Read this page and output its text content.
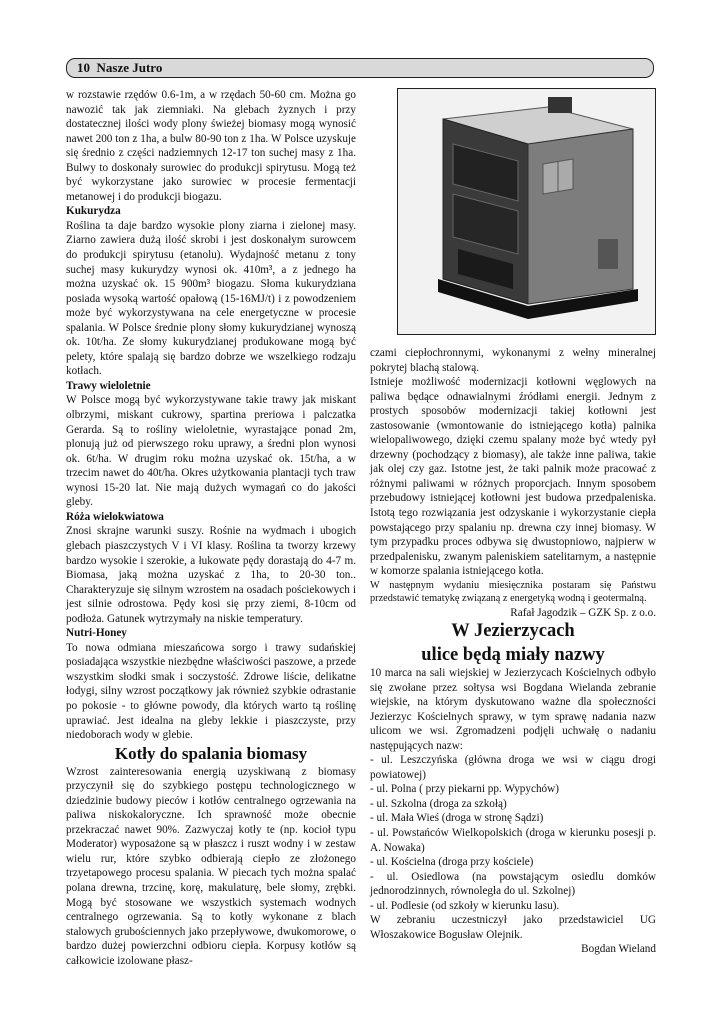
10 Nasze Jutro

w rozstawie rzędów 0.6-1m, a w rzędach 50-60 cm. Można go nawozić tak jak ziemniaki. Na glebach żyznych i przy dostatecznej ilości wody plony świeżej biomasy mogą wynosić nawet 200 ton z 1ha, a bulw 80-90 ton z 1ha. W Polsce uzyskuje się średnio z części nadziemnych 12-17 ton suchej masy z 1ha. Bulwy to doskonały surowiec do produkcji spirytusu. Mogą też być wykorzystane jako surowiec w procesie fermentacji metanowej i do produkcji biogazu.

Kukurydza

Roślina ta daje bardzo wysokie plony ziarna i zielonej masy. Ziarno zawiera dużą ilość skrobi i jest doskonałym surowcem do produkcji spirytusu (etanolu). Wydajność metanu z tony suchej masy kukurydzy wynosi ok. 410m³, a z jednego ha można uzyskać ok. 15 900m³ biogazu. Słoma kukurydziana posiada wysoką wartość opałową (15-16MJ/t) i z powodzeniem może być wykorzystywana na cele energetyczne w procesie spalania. W Polsce średnie plony słomy kukurydzianej wynoszą ok. 10t/ha. Ze słomy kukurydzianej produkowane mogą być pelety, które spalają się bardzo dobrze we wszelkiego rodzaju kotłach.

Trawy wieloletnie

W Polsce mogą być wykorzystywane takie trawy jak miskant olbrzymi, miskant cukrowy, spartina preriowa i palczatka Gerarda. Są to rośliny wieloletnie, wyrastające ponad 2m, plonują już od pierwszego roku uprawy, a średni plon wynosi ok. 6t/ha. W drugim roku można uzyskać ok. 15t/ha, a w trzecim nawet do 40t/ha. Okres użytkowania plantacji tych traw wynosi 15-20 lat. Nie mają dużych wymagań co do jakości gleby.

Róża wielokwiatowa

Znosi skrajne warunki suszy. Rośnie na wydmach i ubogich glebach piaszczystych V i VI klasy. Roślina ta tworzy krzewy bardzo wysokie i szerokie, a łukowate pędy dorastają do 4-7 m. Biomasa, jaką można uzyskać z 1ha, to 20-30 ton.. Charakteryzuje się silnym wzrostem na osadach pościekowych i jest silnie odrostowa. Pędy kosi się przy ziemi, 8-10cm od podłoża. Gatunek wytrzymały na niskie temperatury.

Nutri-Honey

To nowa odmiana mieszańcowa sorgo i trawy sudańskiej posiadająca wszystkie niezbędne właściwości paszowe, a przede wszystkim słodki smak i soczystość. Zdrowe liście, delikatne łodygi, silny wzrost początkowy jak również szybkie odrastanie po pokosie - to główne powody, dla których warto tą roślinę uprawiać. Jest idealna na gleby lekkie i piaszczyste, przy niedoborach wody w glebie.

Kotły do spalania biomasy

Wzrost zainteresowania energią uzyskiwaną z biomasy przyczynił się do szybkiego postępu technologicznego w dziedzinie budowy pieców i kotłów centralnego ogrzewania na paliwa niskokaloryczne. Ich sprawność może obecnie przekraczać nawet 90%. Zazwyczaj kotły te (np. kocioł typu Moderator) wyposażone są w płaszcz i ruszt wodny i w zestaw wielu rur, które szybko odbierają ciepło ze złożonego trzyetapowego procesu spalania. W piecach tych można spalać polana drewna, trzcinę, korę, makulaturę, bele słomy, zrębki. Mogą być stosowane we wszystkich systemach wodnych centralnego ogrzewania. Są to kotły wykonane z blach stalowych grubościennych jako przepływowe, dwukomorowe, o bardzo dużej powierzchni odbioru ciepła. Korpusy kotłów są całkowicie izolowane płasz-

czami ciepłochronnymi, wykonanymi z wełny mineralnej pokrytej blachą stalową.

Istnieje możliwość modernizacji kotłowni węglowych na paliwa będące odnawialnymi źródłami energii. Jednym z prostych sposobów modernizacji takiej kotłowni jest zastosowanie (wmontowanie do istniejącego kotła) palnika wielopaliwowego, dzięki czemu spalany może być wtedy pył drzewny (pochodzący z biomasy), ale także inne paliwa, takie jak olej czy gaz. Istotne jest, że taki palnik może pracować z różnymi paliwami w różnych proporcjach. Innym sposobem przebudowy istniejącej kotłowni jest budowa przedpaleniska. Istotą tego rozwiązania jest odzyskanie i wykorzystanie ciepła powstającego przy spalaniu np. drewna czy innej biomasy. W tym przypadku proces odbywa się dwustopniowo, najpierw w przedpalenisku, zwanym paleniskiem satelitarnym, a następnie w komorze spalania istniejącego kotła.

W następnym wydaniu miesięcznika postaram się Państwu przedstawić tematykę związaną z energetyką wodną i geotermalną.

Rafał Jagodzik – GZK Sp. z o.o.

W Jezierzycach
ulice będą miały nazwy

10 marca na sali wiejskiej w Jezierzycach Kościelnych odbyło się zwołane przez sołtysa wsi Bogdana Wielanda zebranie wiejskie, na którym dyskutowano ważne dla społeczności Jezierzyc Kościelnych sprawy, w tym sprawę nadania nazw ulicom we wsi. Zgromadzeni podjęli uchwałę o nadaniu następujących nazw:

- ul. Leszczyńska (główna droga we wsi w ciągu drogi powiatowej)

- ul. Polna ( przy piekarni pp. Wypychów)

- ul. Szkolna (droga za szkołą)

- ul. Mała Wieś (droga w stronę Sądzi)

- ul. Powstańców Wielkopolskich (droga w kierunku posesji p. A. Nowaka)

- ul. Kościelna (droga przy kościele)

- ul. Osiedlowa (na powstającym osiedlu domków jednorodzinnych, równoległa do ul. Szkolnej)

- ul. Podlesie (od szkoły w kierunku lasu).

W zebraniu uczestniczył jako przedstawiciel UG Włoszakowice Bogusław Olejnik.

Bogdan Wieland
